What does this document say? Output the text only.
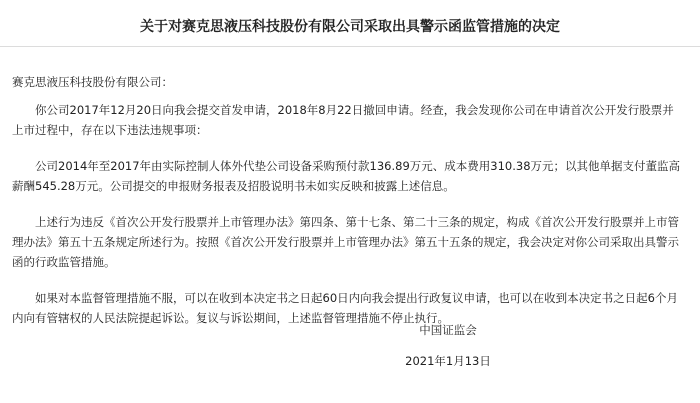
关于对赛克思液压科技股份有限公司采取出具警示函监管措施的决定

赛克思液压科技股份有限公司：

你公司2017年12月20日向我会提交首发申请，2018年8月22日撤回申请。经查，我会发现你公司在申请首次公开发行股票并上市过程中，存在以下违法违规事项：

公司2014年至2017年由实际控制人体外代垫公司设备采购预付款136.89万元、成本费用310.38万元；以其他单据支付董监高薪酬545.28万元。公司提交的申报财务报表及招股说明书未如实反映和披露上述信息。

上述行为违反《首次公开发行股票并上市管理办法》第四条、第十七条、第二十三条的规定，构成《首次公开发行股票并上市管理办法》第五十五条规定所述行为。按照《首次公开发行股票并上市管理办法》第五十五条的规定，我会决定对你公司采取出具警示函的行政监管措施。

如果对本监督管理措施不服，可以在收到本决定书之日起60日内向我会提出行政复议申请，也可以在收到本决定书之日起6个月内向有管辖权的人民法院提起诉讼。复议与诉讼期间，上述监督管理措施不停止执行。

中国证监会
2021年1月13日
